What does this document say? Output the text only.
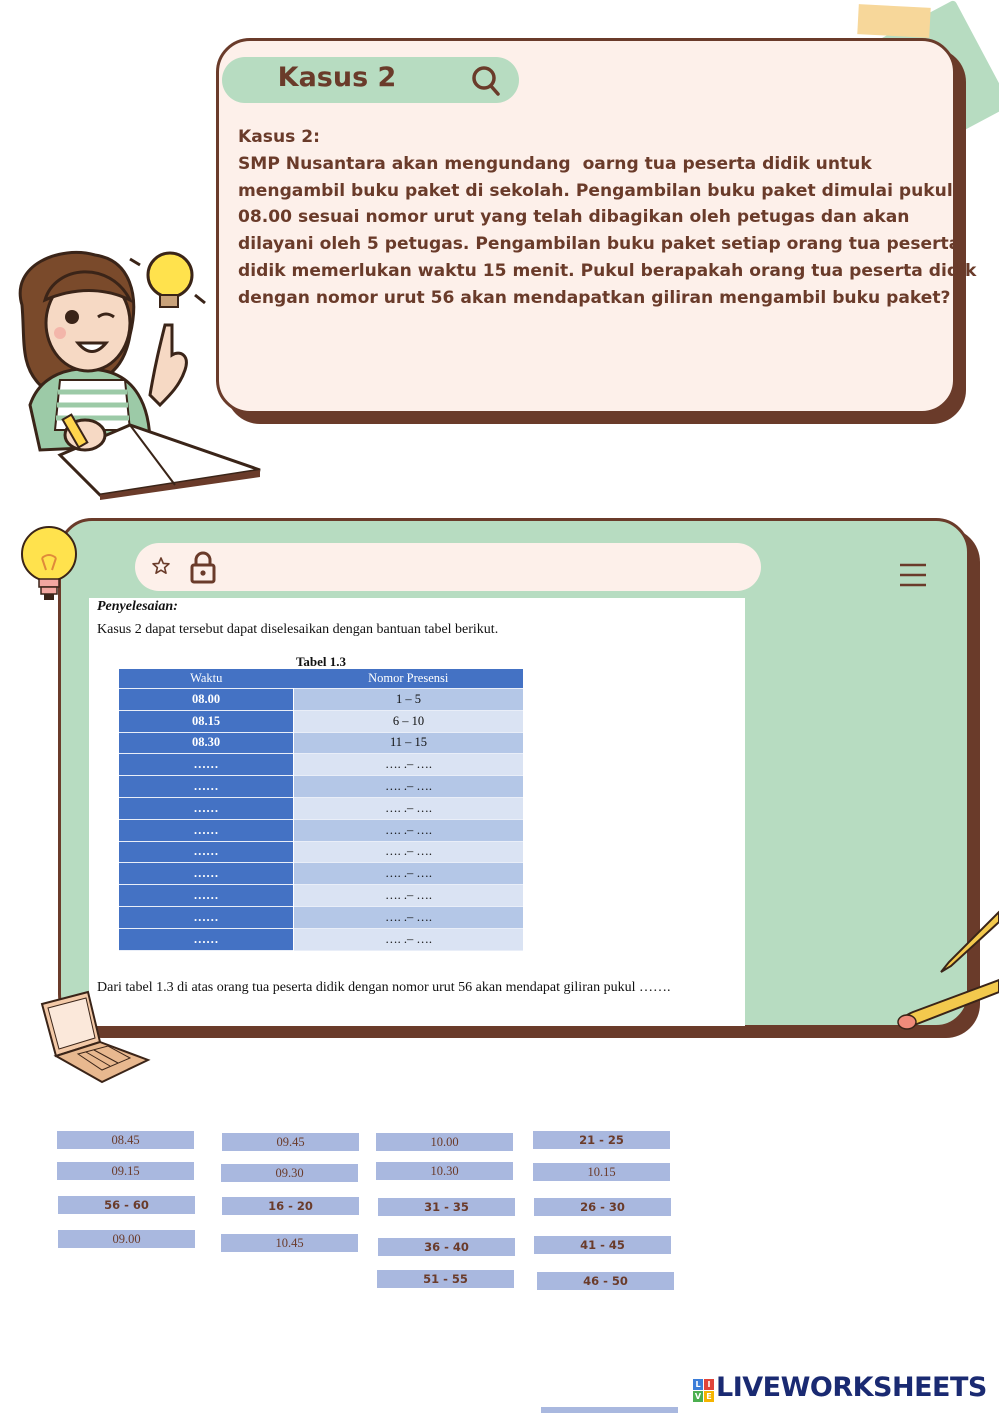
Kasus 2
Kasus 2:
SMP Nusantara akan mengundang  oarng tua peserta didik untuk
mengambil buku paket di sekolah. Pengambilan buku paket dimulai pukul
08.00 sesuai nomor urut yang telah dibagikan oleh petugas dan akan
dilayani oleh 5 petugas. Pengambilan buku paket setiap orang tua peserta
didik memerlukan waktu 15 menit. Pukul berapakah orang tua peserta didik
dengan nomor urut 56 akan mendapatkan giliran mengambil buku paket?
Penyelesaian:
Kasus 2 dapat tersebut dapat diselesaikan dengan bantuan tabel berikut.
Tabel 1.3
Waktu	Nomor Presensi
08.00	1 – 5
08.15	6 – 10
08.30	11 – 15
……	…. .– ….
……	…. .– ….
……	…. .– ….
……	…. .– ….
……	…. .– ….
……	…. .– ….
……	…. .– ….
……	…. .– ….
……	…. .– ….
Dari tabel 1.3 di atas orang tua peserta didik dengan nomor urut 56 akan mendapat giliran pukul …….
08.45
09.15
56 - 60
09.00
09.45
09.30
16 - 20
10.45
10.00
10.30
31 - 35
36 - 40
51 - 55
21 - 25
10.15
26 - 30
41 - 45
46 - 50
L I
V E LIVEWORKSHEETS
